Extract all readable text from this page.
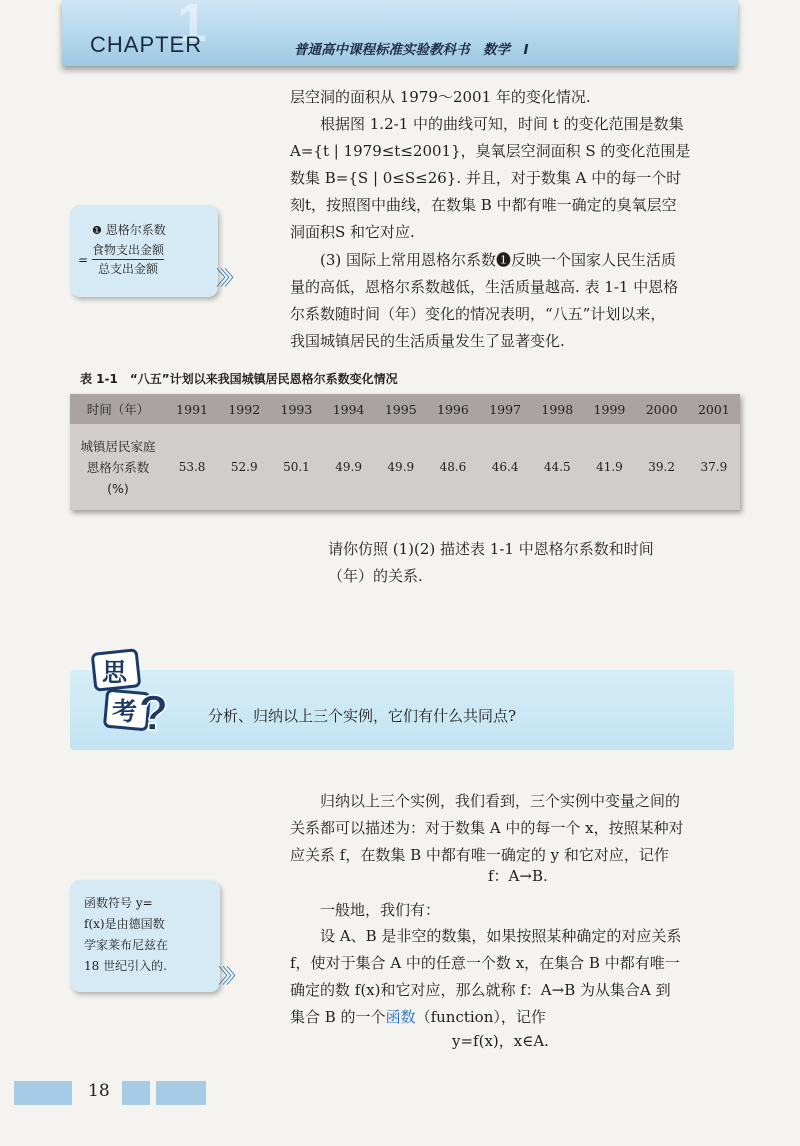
1
CHAPTER	普通高中课程标准实验教科书　数学　Ⅰ
层空洞的面积从 1979～2001 年的变化情况.
根据图 1.2-1 中的曲线可知，时间 t 的变化范围是数集
A={t | 1979≤t≤2001}，臭氧层空洞面积 S 的变化范围是
数集 B={S | 0≤S≤26}. 并且，对于数集 A 中的每一个时
刻t，按照图中曲线，在数集 B 中都有唯一确定的臭氧层空
洞面积S 和它对应.
❶ 恩格尔系数
=
食物支出金额
总支出金额	〉〉〉
(3) 国际上常用恩格尔系数❶反映一个国家人民生活质
量的高低，恩格尔系数越低，生活质量越高. 表 1-1 中恩格
尔系数随时间（年）变化的情况表明，“八五”计划以来，
我国城镇居民的生活质量发生了显著变化.
表 1-1　“八五”计划以来我国城镇居民恩格尔系数变化情况
时间（年）	1991	1992	1993	1994	1995	1996	1997	1998	1999	2000	2001

城镇居民家庭
恩格尔系数
(%)	53.8	52.9	50.1	49.9	49.9	48.6	46.4	44.5	41.9	39.2	37.9
请你仿照 (1)(2) 描述表 1-1 中恩格尔系数和时间
（年）的关系.
思
考 ?	分析、归纳以上三个实例，它们有什么共同点?
归纳以上三个实例，我们看到，三个实例中变量之间的
关系都可以描述为：对于数集 A 中的每一个 x，按照某种对
应关系 f，在数集 B 中都有唯一确定的 y 和它对应，记作
f：A→B.
一般地，我们有：
设 A、B 是非空的数集，如果按照某种确定的对应关系
f，使对于集合 A 中的任意一个数 x，在集合 B 中都有唯一
确定的数 f(x)和它对应，那么就称 f：A→B 为从集合A 到
集合 B 的一个函数（function），记作
y=f(x)，x∈A.
函数符号 y=
f(x)是由德国数
学家莱布尼兹在
18 世纪引入的.	〉〉〉
18
